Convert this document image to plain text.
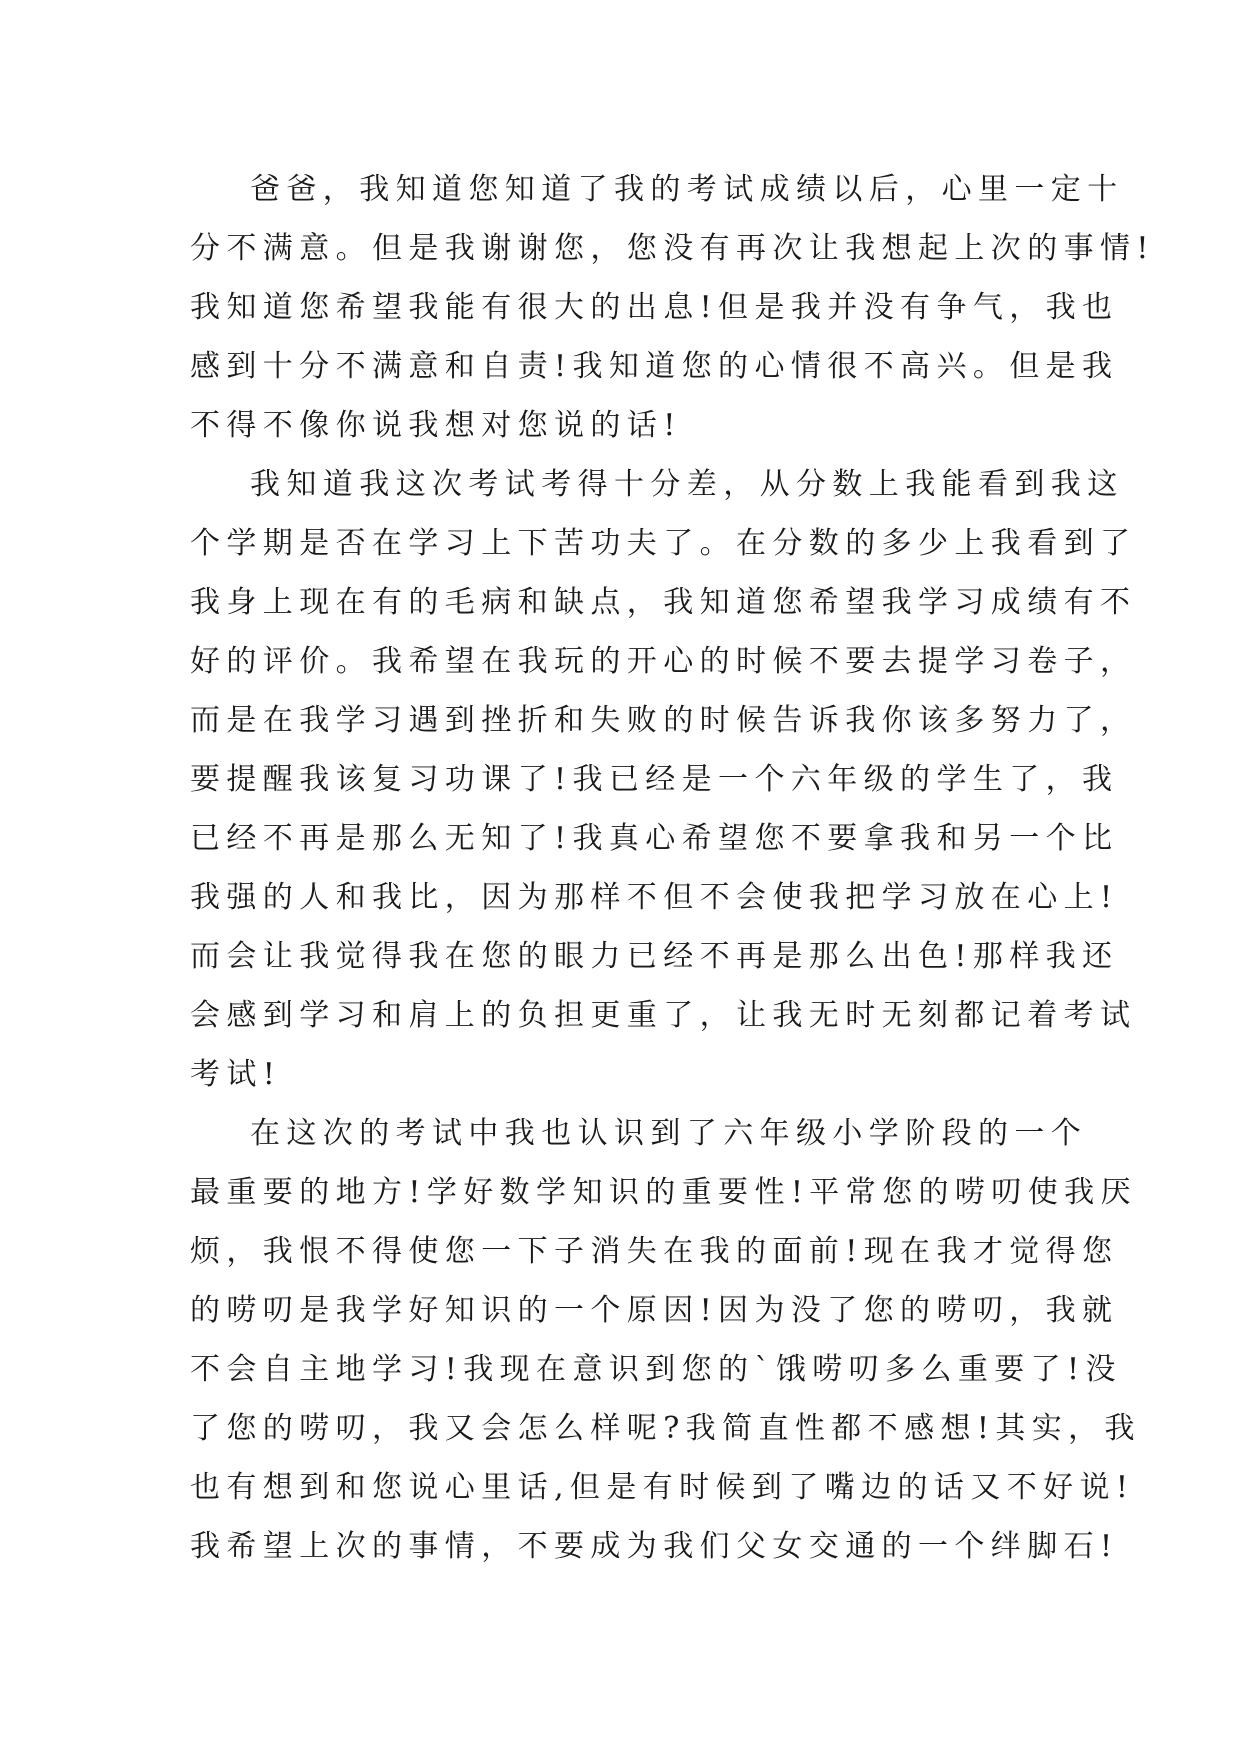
爸爸，我知道您知道了我的考试成绩以后，心里一定十
分不满意。但是我谢谢您，您没有再次让我想起上次的事情!
我知道您希望我能有很大的出息!但是我并没有争气，我也
感到十分不满意和自责!我知道您的心情很不高兴。但是我
不得不像你说我想对您说的话!
我知道我这次考试考得十分差，从分数上我能看到我这
个学期是否在学习上下苦功夫了。在分数的多少上我看到了
我身上现在有的毛病和缺点，我知道您希望我学习成绩有不
好的评价。我希望在我玩的开心的时候不要去提学习卷子，
而是在我学习遇到挫折和失败的时候告诉我你该多努力了，
要提醒我该复习功课了!我已经是一个六年级的学生了，我
已经不再是那么无知了!我真心希望您不要拿我和另一个比
我强的人和我比，因为那样不但不会使我把学习放在心上!
而会让我觉得我在您的眼力已经不再是那么出色!那样我还
会感到学习和肩上的负担更重了，让我无时无刻都记着考试
考试!
在这次的考试中我也认识到了六年级小学阶段的一个
最重要的地方!学好数学知识的重要性!平常您的唠叨使我厌
烦，我恨不得使您一下子消失在我的面前!现在我才觉得您
的唠叨是我学好知识的一个原因!因为没了您的唠叨，我就
不会自主地学习!我现在意识到您的`饿唠叨多么重要了!没
了您的唠叨，我又会怎么样呢?我简直性都不感想!其实，我
也有想到和您说心里话,但是有时候到了嘴边的话又不好说!
我希望上次的事情，不要成为我们父女交通的一个绊脚石!
